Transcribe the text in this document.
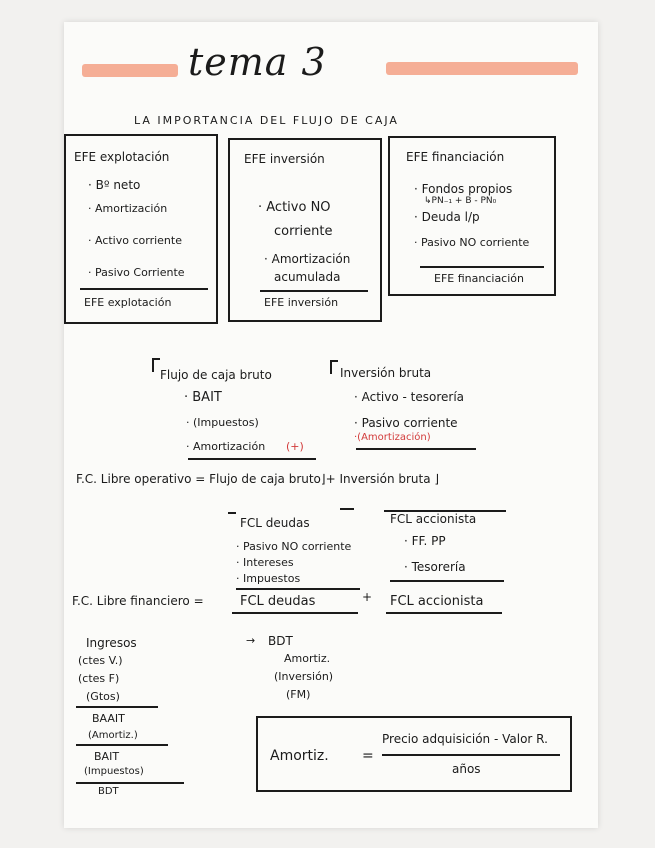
tema 3
LA IMPORTANCIA DEL FLUJO DE CAJA
EFE explotación
· Bº neto
· Amortización
· Activo corriente
· Pasivo Corriente
EFE explotación
EFE inversión
· Activo NO
corriente
· Amortización
acumulada
EFE inversión
EFE financiación
· Fondos propios
↳PN₋₁ + B - PN₀
· Deuda l/p
· Pasivo NO corriente
EFE financiación
Flujo de caja bruto
· BAIT
· (Impuestos)
· Amortización (+)
Inversión bruta
· Activo - tesorería
· Pasivo corriente
·(Amortización)
F.C. Libre operativo = Flujo de caja bruto⌋+ Inversión bruta ⌋
FCL deudas
· Pasivo NO corriente
· Intereses
· Impuestos
FCL accionista
· FF. PP
· Tesorería
F.C. Libre financiero =	FCL deudas	+ FCL accionista
Ingresos
(ctes V.)
(ctes F)
(Gtos)
BAAIT
(Amortiz.)
BAIT
(Impuestos)
BDT
→ BDT
Amortiz.
(Inversión)
(FM)
Amortiz. =
Precio adquisición - Valor R.
años
